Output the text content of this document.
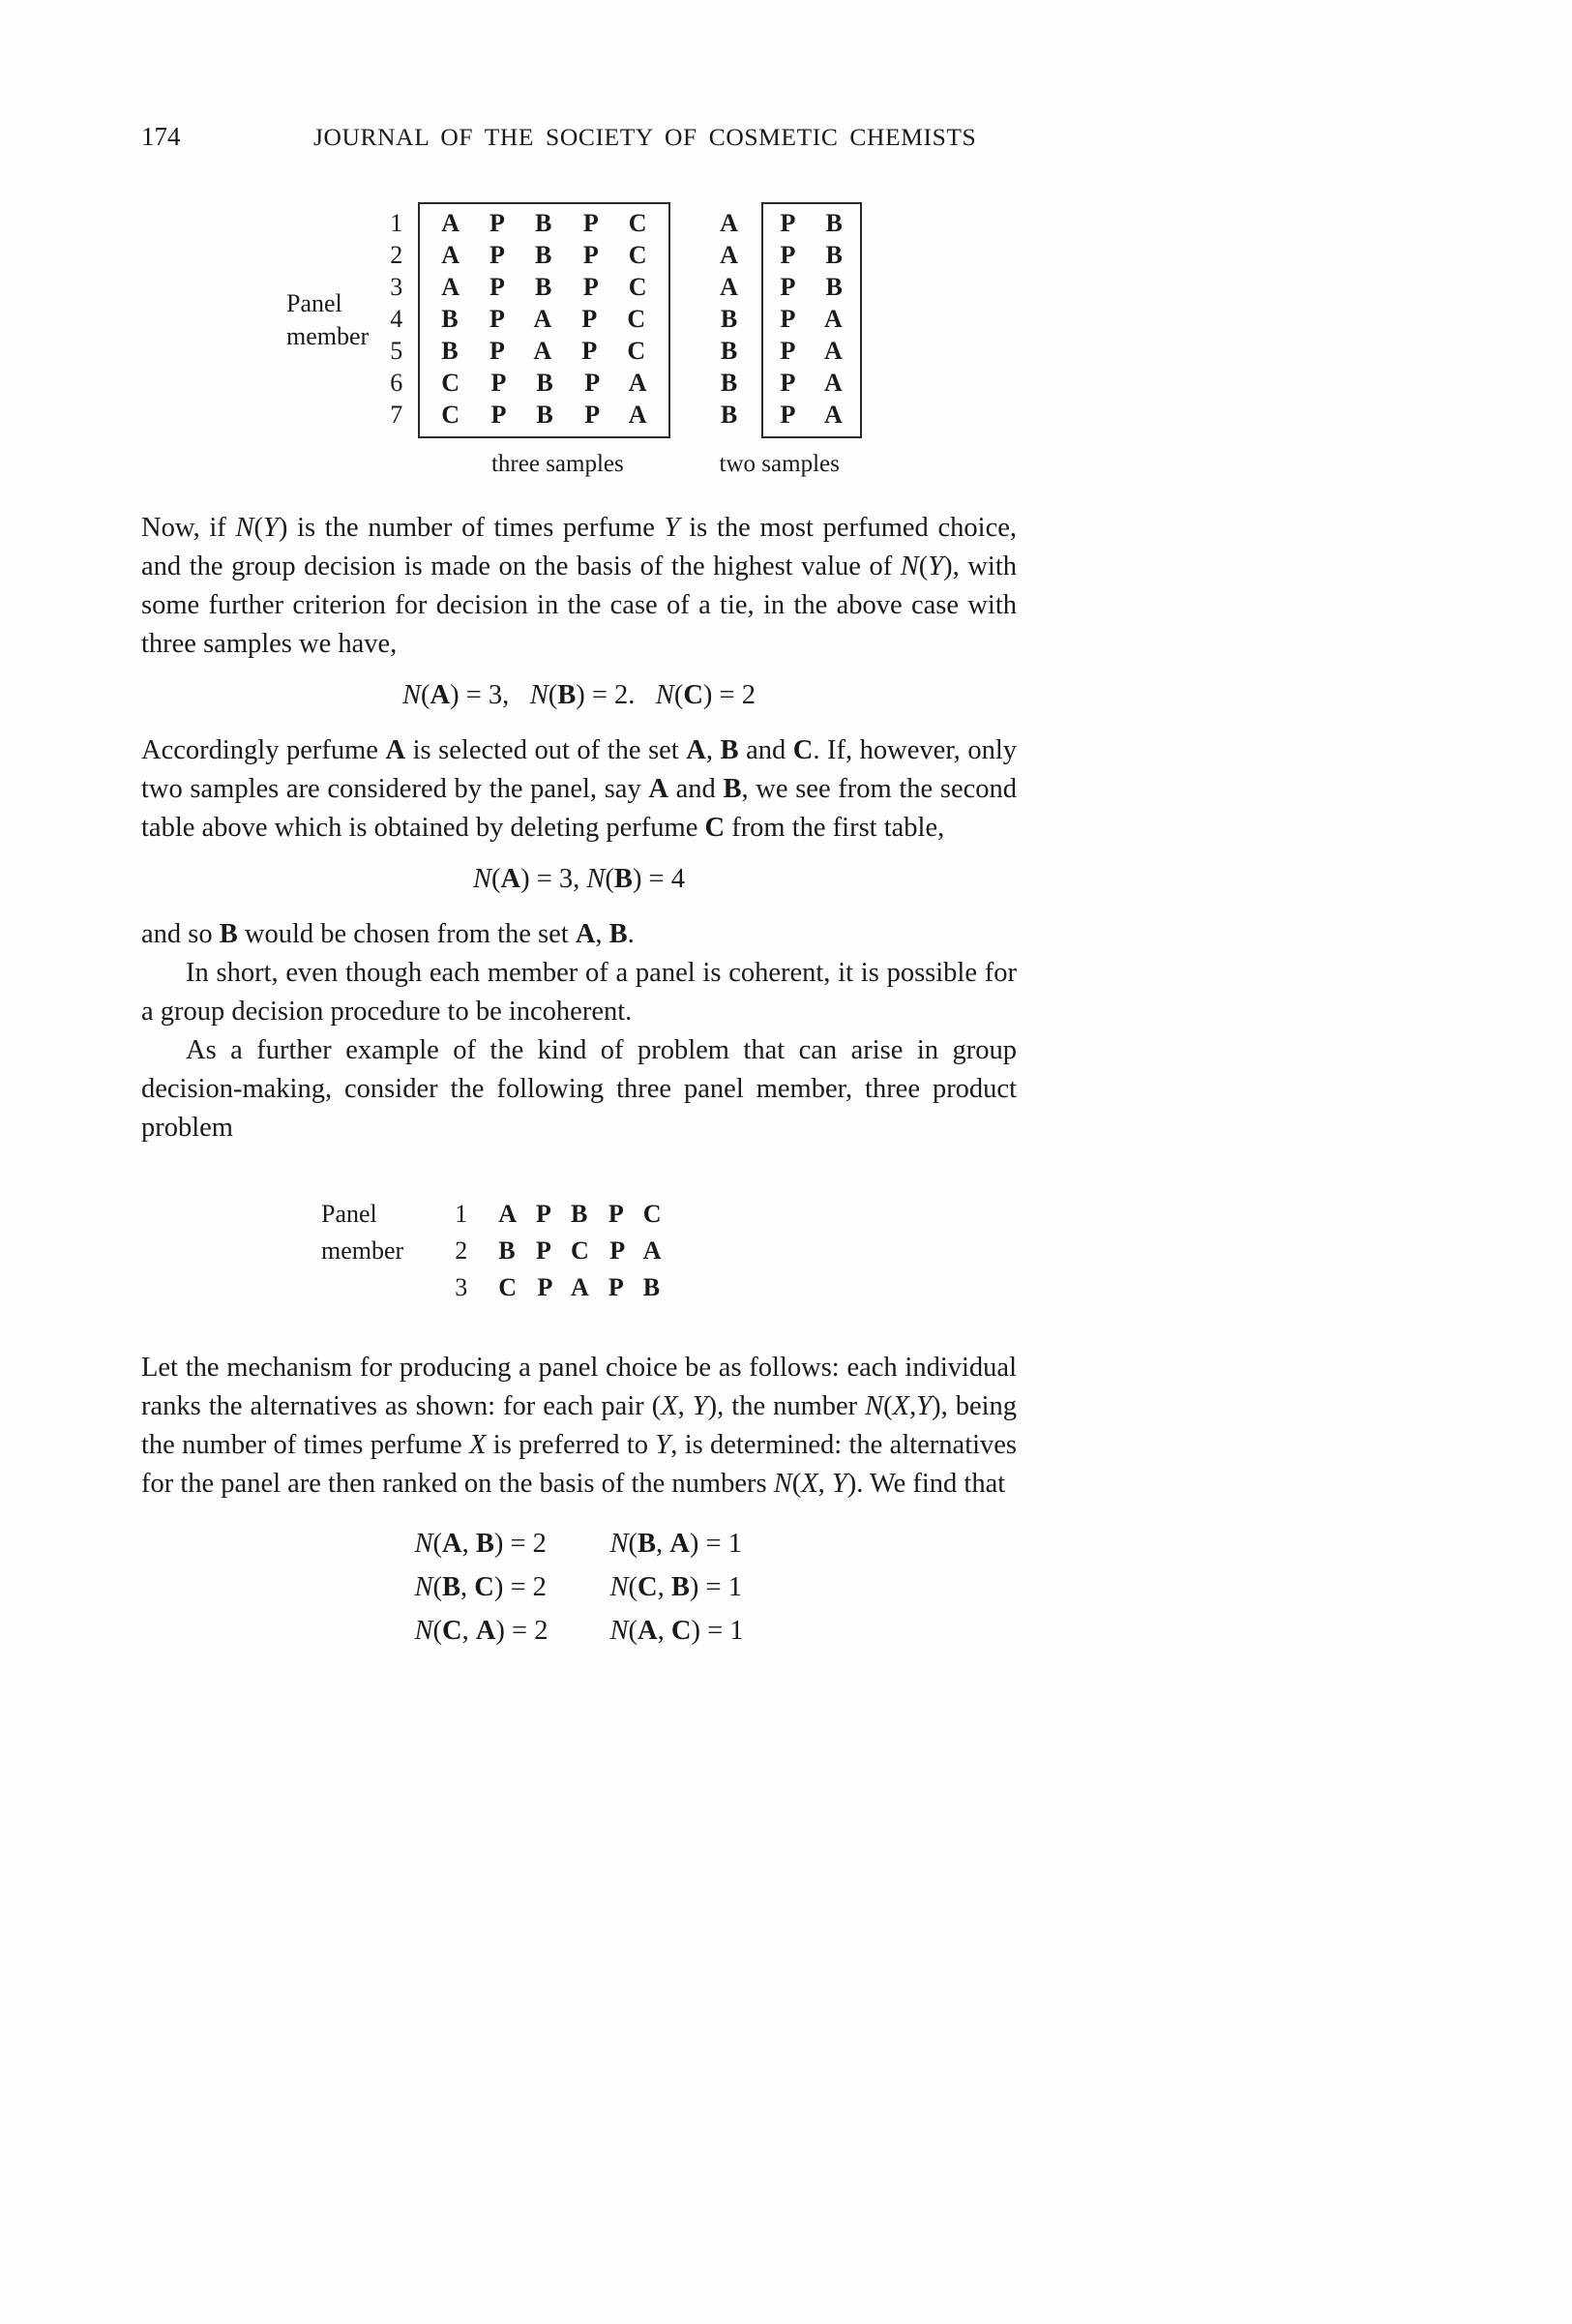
174	JOURNAL OF THE SOCIETY OF COSMETIC CHEMISTS
Panel
member
1
2
3
4
5
6
7
A P B P C
A P B P C
A P B P C
B P A P C
B P A P C
C P B P A
C P B P A
A
A
A
B
B
B
B
P B
P B
P B
P A
P A
P A
P A
three samples	two samples

Now, if N(Y) is the number of times perfume Y is the most perfumed choice, and the group decision is made on the basis of the highest value of N(Y), with some further criterion for decision in the case of a tie, in the above case with three samples we have,

N(A) = 3,   N(B) = 2.   N(C) = 2

Accordingly perfume A is selected out of the set A, B and C. If, however, only two samples are considered by the panel, say A and B, we see from the second table above which is obtained by deleting perfume C from the first table,

N(A) = 3, N(B) = 4

and so B would be chosen from the set A, B.

In short, even though each member of a panel is coherent, it is possible for a group decision procedure to be incoherent.

As a further example of the kind of problem that can arise in group decision-making, consider the following three panel member, three product problem

Panel
member
1 A P B P C
2 B P C P A
3 C P A P B

Let the mechanism for producing a panel choice be as follows: each individual ranks the alternatives as shown: for each pair (X, Y), the number N(X,Y), being the number of times perfume X is preferred to Y, is determined: the alternatives for the panel are then ranked on the basis of the numbers N(X, Y). We find that

N(A, B) = 2 N(B, A) = 1
N(B, C) = 2 N(C, B) = 1
N(C, A) = 2 N(A, C) = 1
